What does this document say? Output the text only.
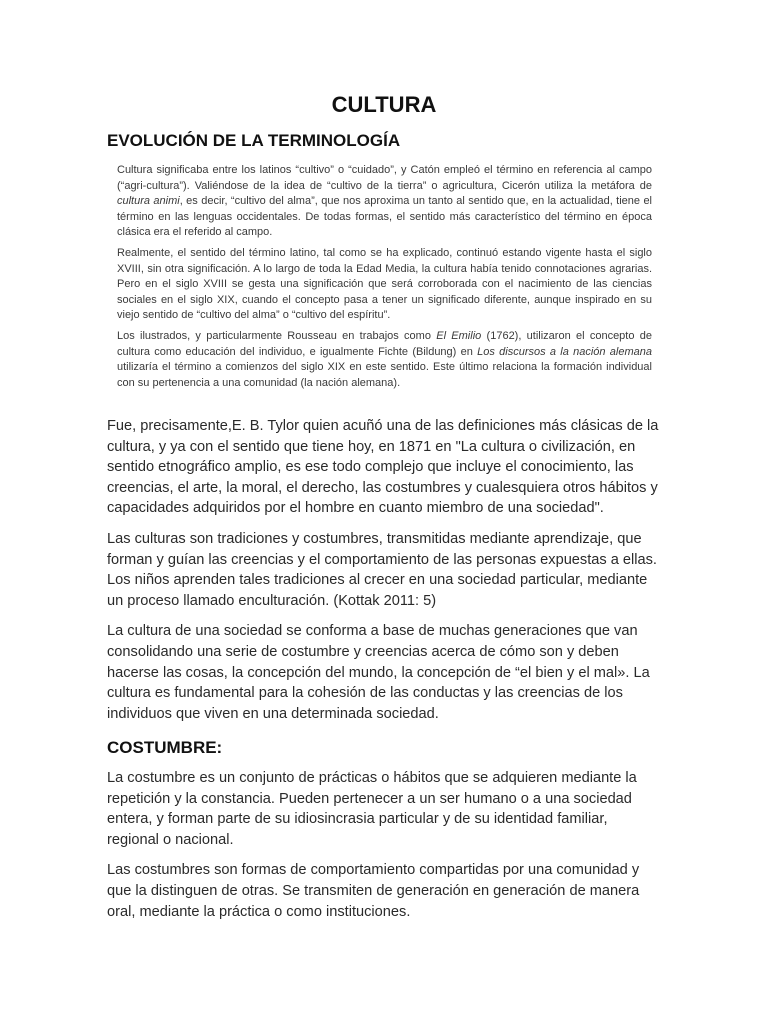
CULTURA
EVOLUCIÓN DE LA TERMINOLOGÍA

Cultura significaba entre los latinos “cultivo” o “cuidado”, y Catón empleó el término en referencia al campo (“agri-cultura”). Valiéndose de la idea de “cultivo de la tierra” o agricultura, Cicerón utiliza la metáfora de cultura animi, es decir, “cultivo del alma”, que nos aproxima un tanto al sentido que, en la actualidad, tiene el término en las lenguas occidentales. De todas formas, el sentido más característico del término en época clásica era el referido al campo.

Realmente, el sentido del término latino, tal como se ha explicado, continuó estando vigente hasta el siglo XVIII, sin otra significación. A lo largo de toda la Edad Media, la cultura había tenido connotaciones agrarias. Pero en el siglo XVIII se gesta una significación que será corroborada con el nacimiento de las ciencias sociales en el siglo XIX, cuando el concepto pasa a tener un significado diferente, aunque inspirado en su viejo sentido de “cultivo del alma” o “cultivo del espíritu”.

Los ilustrados, y particularmente Rousseau en trabajos como El Emilio (1762), utilizaron el concepto de cultura como educación del individuo, e igualmente Fichte (Bildung) en Los discursos a la nación alemana utilizaría el término a comienzos del siglo XIX en este sentido. Este último relaciona la formación individual con su pertenencia a una comunidad (la nación alemana).

Fue, precisamente,E. B. Tylor quien acuñó una de las definiciones más clásicas de la cultura, y ya con el sentido que tiene hoy, en 1871 en "La cultura o civilización, en sentido etnográfico amplio, es ese todo complejo que incluye el conocimiento, las creencias, el arte, la moral, el derecho, las costumbres y cualesquiera otros hábitos y capacidades adquiridos por el hombre en cuanto miembro de una sociedad".

Las culturas son tradiciones y costumbres, transmitidas mediante aprendizaje, que forman y guían las creencias y el comportamiento de las personas expuestas a ellas. Los niños aprenden tales tradiciones al crecer en una sociedad particular, mediante un proceso llamado enculturación. (Kottak 2011: 5)

La cultura de una sociedad se conforma a base de muchas generaciones que van consolidando una serie de costumbre y creencias acerca de cómo son y deben hacerse las cosas, la concepción del mundo, la concepción de “el bien y el mal». La cultura es fundamental para la cohesión de las conductas y las creencias de los individuos que viven en una determinada sociedad.

COSTUMBRE:

La costumbre es un conjunto de prácticas o hábitos que se adquieren mediante la repetición y la constancia. Pueden pertenecer a un ser humano o a una sociedad entera, y forman parte de su idiosincrasia particular y de su identidad familiar, regional o nacional.

Las costumbres son formas de comportamiento compartidas por una comunidad y que la distinguen de otras. Se transmiten de generación en generación de manera oral, mediante la práctica o como instituciones.
